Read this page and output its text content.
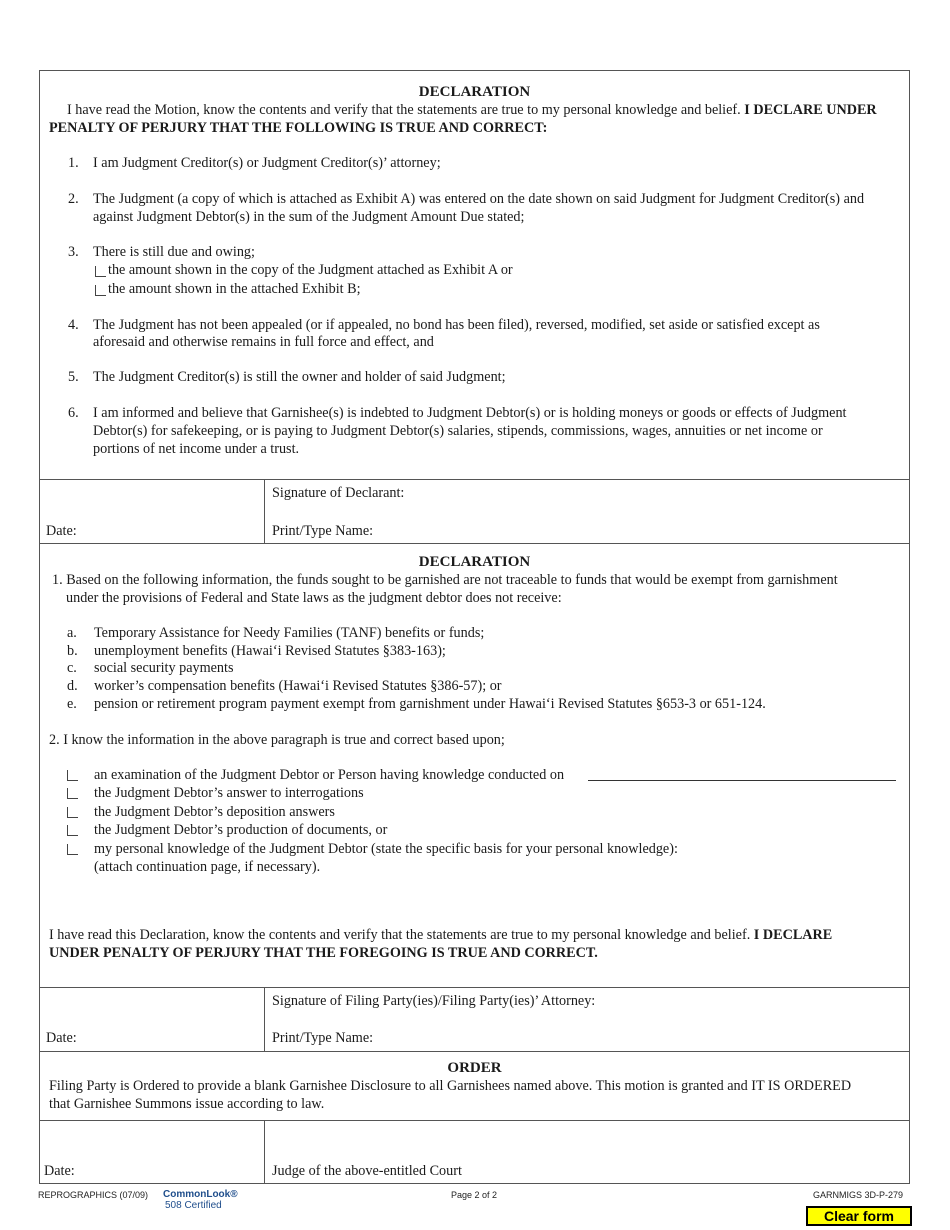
DECLARATION
I have read the Motion, know the contents and verify that the statements are true to my personal knowledge and belief. I DECLARE UNDER
PENALTY OF PERJURY THAT THE FOLLOWING IS TRUE AND CORRECT:
1. I am Judgment Creditor(s) or Judgment Creditor(s)’ attorney;
2. The Judgment (a copy of which is attached as Exhibit A) was entered on the date shown on said Judgment for Judgment Creditor(s) and
against Judgment Debtor(s) in the sum of the Judgment Amount Due stated;
3. There is still due and owing;
the amount shown in the copy of the Judgment attached as Exhibit A or
the amount shown in the attached Exhibit B;
4. The Judgment has not been appealed (or if appealed, no bond has been filed), reversed, modified, set aside or satisfied except as
aforesaid and otherwise remains in full force and effect, and
5. The Judgment Creditor(s) is still the owner and holder of said Judgment;
6. I am informed and believe that Garnishee(s) is indebted to Judgment Debtor(s) or is holding moneys or goods or effects of Judgment
Debtor(s) for safekeeping, or is paying to Judgment Debtor(s) salaries, stipends, commissions, wages, annuities or net income or
portions of net income under a trust.
Signature of Declarant:
Date:	Print/Type Name:
DECLARATION
1. Based on the following information, the funds sought to be garnished are not traceable to funds that would be exempt from garnishment
under the provisions of Federal and State laws as the judgment debtor does not receive:
a. Temporary Assistance for Needy Families (TANF) benefits or funds;
b. unemployment benefits (Hawai‘i Revised Statutes §383-163);
c. social security payments
d. worker’s compensation benefits (Hawai‘i Revised Statutes §386-57); or
e. pension or retirement program payment exempt from garnishment under Hawai‘i Revised Statutes §653-3 or 651-124.
2. I know the information in the above paragraph is true and correct based upon;
an examination of the Judgment Debtor or Person having knowledge conducted on
the Judgment Debtor’s answer to interrogations
the Judgment Debtor’s deposition answers
the Judgment Debtor’s production of documents, or
my personal knowledge of the Judgment Debtor (state the specific basis for your personal knowledge):
(attach continuation page, if necessary).
I have read this Declaration, know the contents and verify that the statements are true to my personal knowledge and belief. I DECLARE
UNDER PENALTY OF PERJURY THAT THE FOREGOING IS TRUE AND CORRECT.
Signature of Filing Party(ies)/Filing Party(ies)’ Attorney:
Date:	Print/Type Name:
ORDER
Filing Party is Ordered to provide a blank Garnishee Disclosure to all Garnishees named above. This motion is granted and IT IS ORDERED
that Garnishee Summons issue according to law.
Date:	Judge of the above-entitled Court
REPROGRAPHICS (07/09) CommonLook®
508 Certified
Page 2 of 2	GARNMIGS 3D-P-279
Clear form
